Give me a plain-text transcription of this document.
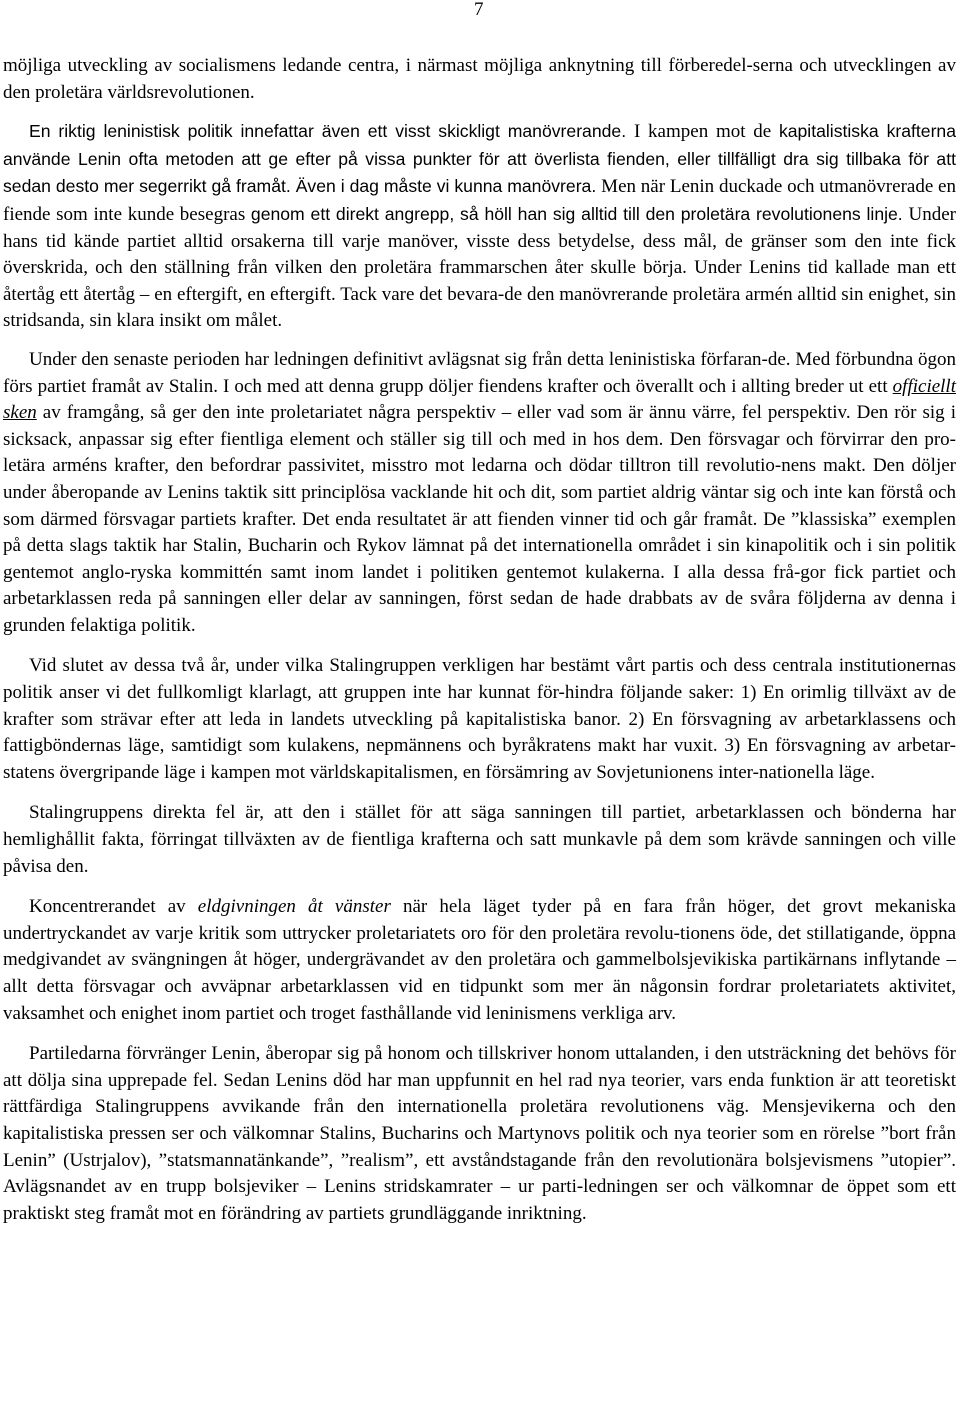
7

möjliga utveckling av socialismens ledande centra, i närmast möjliga anknytning till förberedel-serna och utvecklingen av den proletära världsrevolutionen.

En riktig leninistisk politik innefattar även ett visst skickligt manövrerande. I kampen mot de kapitalistiska krafterna använde Lenin ofta metoden att ge efter på vissa punkter för att överlista fienden, eller tillfälligt dra sig tillbaka för att sedan desto mer segerrikt gå framåt. Även i dag måste vi kunna manövrera. Men när Lenin duckade och utmanövrerade en fiende som inte kunde besegras genom ett direkt angrepp, så höll han sig alltid till den proletära revolutionens linje. Under hans tid kände partiet alltid orsakerna till varje manöver, visste dess betydelse, dess mål, de gränser som den inte fick överskrida, och den ställning från vilken den proletära frammarschen åter skulle börja. Under Lenins tid kallade man ett återtåg ett återtåg – en eftergift, en eftergift. Tack vare det bevara-de den manövrerande proletära armén alltid sin enighet, sin stridsanda, sin klara insikt om målet.

Under den senaste perioden har ledningen definitivt avlägsnat sig från detta leninistiska förfaran-de. Med förbundna ögon förs partiet framåt av Stalin. I och med att denna grupp döljer fiendens krafter och överallt och i allting breder ut ett officiellt sken av framgång, så ger den inte proletariatet några perspektiv – eller vad som är ännu värre, fel perspektiv. Den rör sig i sicksack, anpassar sig efter fientliga element och ställer sig till och med in hos dem. Den försvagar och förvirrar den pro-letära arméns krafter, den befordrar passivitet, misstro mot ledarna och dödar tilltron till revolutio-nens makt. Den döljer under åberopande av Lenins taktik sitt principlösa vacklande hit och dit, som partiet aldrig väntar sig och inte kan förstå och som därmed försvagar partiets krafter. Det enda resultatet är att fienden vinner tid och går framåt. De ”klassiska” exemplen på detta slags taktik har Stalin, Bucharin och Rykov lämnat på det internationella området i sin kinapolitik och i sin politik gentemot anglo-ryska kommittén samt inom landet i politiken gentemot kulakerna. I alla dessa frå-gor fick partiet och arbetarklassen reda på sanningen eller delar av sanningen, först sedan de hade drabbats av de svåra följderna av denna i grunden felaktiga politik.

Vid slutet av dessa två år, under vilka Stalingruppen verkligen har bestämt vårt partis och dess centrala institutionernas politik anser vi det fullkomligt klarlagt, att gruppen inte har kunnat för-hindra följande saker: 1) En orimlig tillväxt av de krafter som strävar efter att leda in landets utveckling på kapitalistiska banor. 2) En försvagning av arbetarklassens och fattigböndernas läge, samtidigt som kulakens, nepmännens och byråkratens makt har vuxit. 3) En försvagning av arbetar-statens övergripande läge i kampen mot världskapitalismen, en försämring av Sovjetunionens inter-nationella läge.

Stalingruppens direkta fel är, att den i stället för att säga sanningen till partiet, arbetarklassen och bönderna har hemlighållit fakta, förringat tillväxten av de fientliga krafterna och satt munkavle på dem som krävde sanningen och ville påvisa den.

Koncentrerandet av eldgivningen åt vänster när hela läget tyder på en fara från höger, det grovt mekaniska undertryckandet av varje kritik som uttrycker proletariatets oro för den proletära revolu-tionens öde, det stillatigande, öppna medgivandet av svängningen åt höger, undergrävandet av den proletära och gammelbolsjevikiska partikärnans inflytande – allt detta försvagar och avväpnar arbetarklassen vid en tidpunkt som mer än någonsin fordrar proletariatets aktivitet, vaksamhet och enighet inom partiet och troget fasthållande vid leninismens verkliga arv.

Partiledarna förvränger Lenin, åberopar sig på honom och tillskriver honom uttalanden, i den utsträckning det behövs för att dölja sina upprepade fel. Sedan Lenins död har man uppfunnit en hel rad nya teorier, vars enda funktion är att teoretiskt rättfärdiga Stalingruppens avvikande från den internationella proletära revolutionens väg. Mensjevikerna och den kapitalistiska pressen ser och välkomnar Stalins, Bucharins och Martynovs politik och nya teorier som en rörelse ”bort från Lenin” (Ustrjalov), ”statsmannatänkande”, ”realism”, ett avståndstagande från den revolutionära bolsjevismens ”utopier”. Avlägsnandet av en trupp bolsjeviker – Lenins stridskamrater – ur parti-ledningen ser och välkomnar de öppet som ett praktiskt steg framåt mot en förändring av partiets grundläggande inriktning.
